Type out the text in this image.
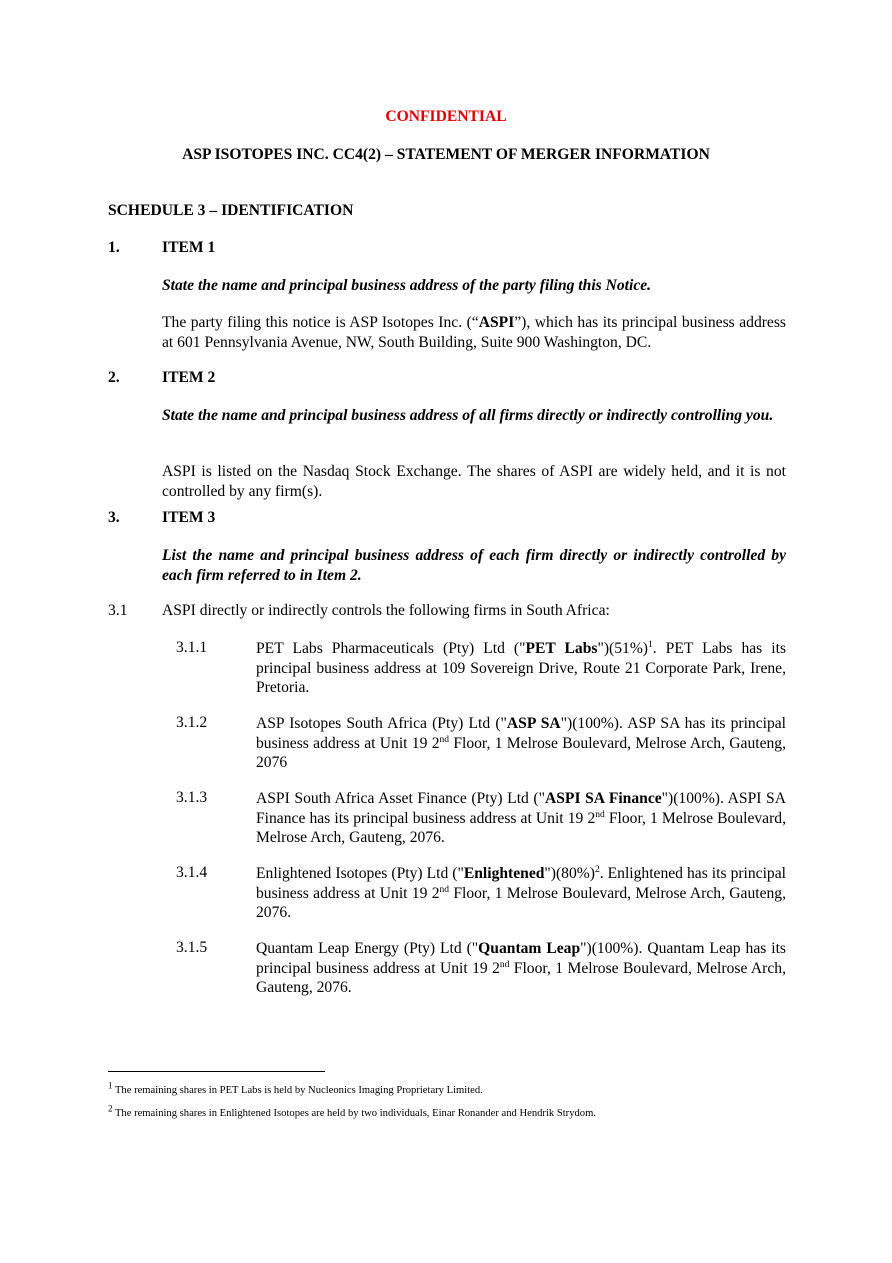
CONFIDENTIAL
ASP ISOTOPES INC. CC4(2) – STATEMENT OF MERGER INFORMATION
SCHEDULE 3 – IDENTIFICATION
1.	ITEM 1
State the name and principal business address of the party filing this Notice.
The party filing this notice is ASP Isotopes Inc. (“ASPI”), which has its principal business address at 601 Pennsylvania Avenue, NW, South Building, Suite 900 Washington, DC.
2.	ITEM 2
State the name and principal business address of all firms directly or indirectly controlling you.
ASPI is listed on the Nasdaq Stock Exchange. The shares of ASPI are widely held, and it is not controlled by any firm(s).
3.	ITEM 3
List the name and principal business address of each firm directly or indirectly controlled by each firm referred to in Item 2.
3.1 ASPI directly or indirectly controls the following firms in South Africa:
3.1.1	PET Labs Pharmaceuticals (Pty) Ltd ("PET $Labs")(51\%)^1$. PET Labs has its principal business address at 109 Sovereign Drive, Route 21 Corporate Park, Irene, Pretoria.
3.1.2	ASP Isotopes South Africa (Pty) Ltd ("ASP SA")(100%). ASP SA has its principal business address at Unit 19 2nd Floor, 1 Melrose Boulevard, Melrose Arch, Gauteng, 2076
3.1.3	ASPI South Africa Asset Finance (Pty) Ltd ("ASPI SA Finance")(100%). ASPI SA Finance has its principal business address at Unit 19 2nd Floor, 1 Melrose Boulevard, Melrose Arch, Gauteng, 2076.
3.1.4	Enlightened Isotopes (Pty) Ltd $("Enlightened")(80\%)^2$. Enlightened has its principal business address at Unit 19 2nd Floor, 1 Melrose Boulevard, Melrose Arch, Gauteng, 2076.
3.1.5	Quantam Leap Energy (Pty) Ltd ("Quantam Leap")(100%). Quantam Leap has its principal business address at Unit 19 2nd Floor, 1 Melrose Boulevard, Melrose Arch, Gauteng, 2076.
$^1$ The remaining shares in PET Labs is held by Nucleonics Imaging Proprietary Limited.
$^2$ The remaining shares in Enlightened Isotopes are held by two individuals, Einar Ronander and Hendrik Strydom.
